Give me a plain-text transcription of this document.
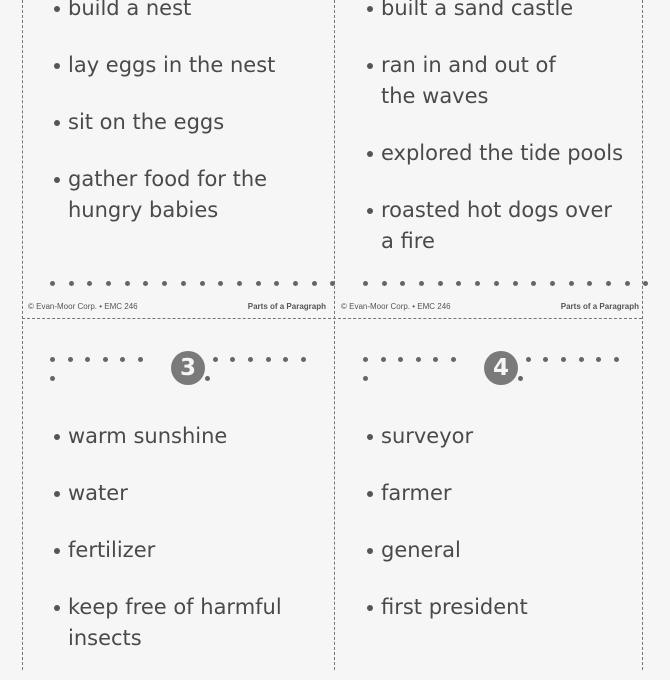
build a nest
lay eggs in the nest
sit on the eggs
gather food for the hungry babies
© Evan-Moor Corp. • EMC 246	Parts of a Paragraph
built a sand castle
ran in and out of the waves
explored the tide pools
roasted hot dogs over a fire
© Evan-Moor Corp. • EMC 246	Parts of a Paragraph
3
warm sunshine
water
fertilizer
keep free of harmful insects
4
surveyor
farmer
general
first president
